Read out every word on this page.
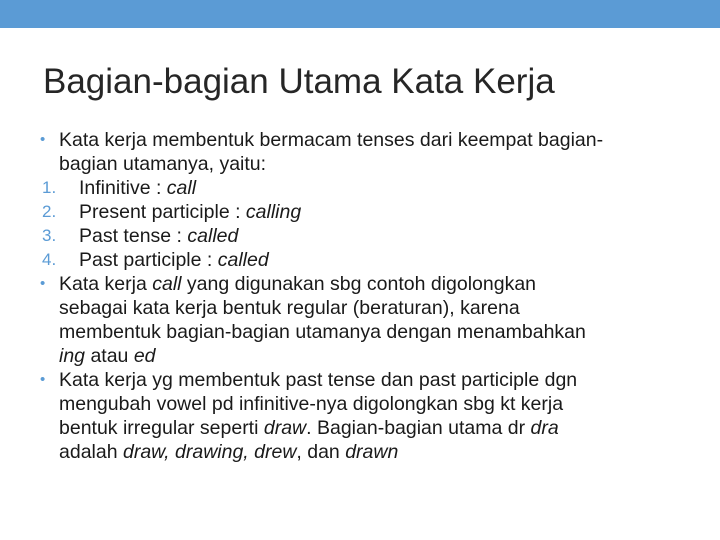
Bagian-bagian Utama Kata Kerja
• Kata kerja membentuk bermacam tenses dari keempat bagian-
bagian utamanya, yaitu:
1. Infinitive : call
2. Present participle : calling
3. Past tense : called
4. Past participle : called
• Kata kerja call yang digunakan sbg contoh digolongkan
sebagai kata kerja bentuk regular (beraturan), karena
membentuk bagian-bagian utamanya dengan menambahkan
ing atau ed
• Kata kerja yg membentuk past tense dan past participle dgn
mengubah vowel pd infinitive-nya digolongkan sbg kt kerja
bentuk irregular seperti draw. Bagian-bagian utama dr dra
adalah draw, drawing, drew, dan drawn
